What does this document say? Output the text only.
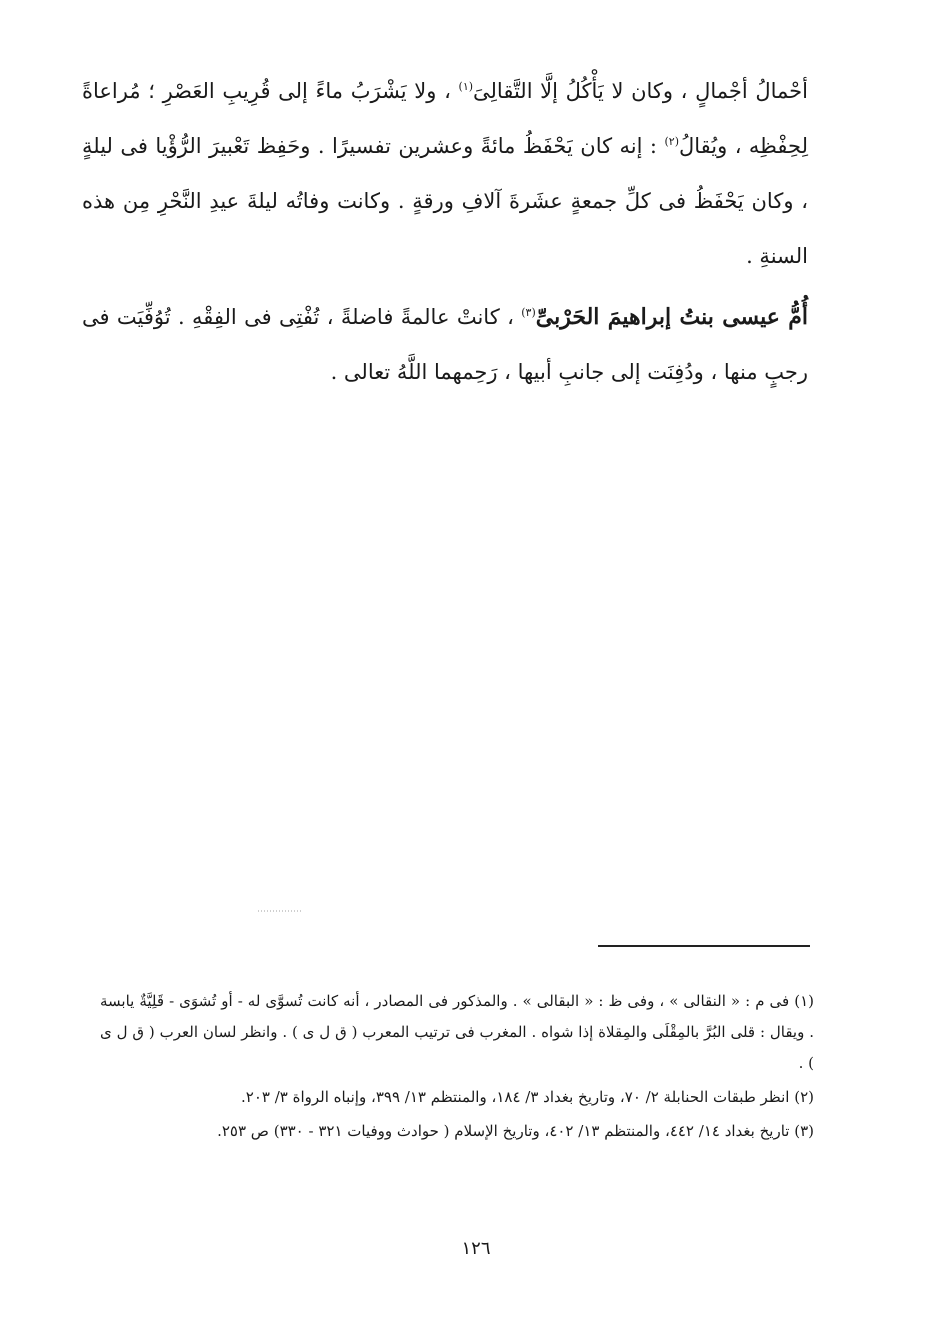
أحْمالُ أجْمالٍ ، وكان لا يَأْكُلُ إلَّا التَّقالِىَ$^{(١)}$ ، ولا يَشْرَبُ ماءً إلى قُرِيبِ العَصْرِ ؛ مُراعاةً لِحِفْظِه ، ويُقالُ$^{(٢)}$ : إنه كان يَحْفَظُ مائةً وعشرين تفسيرًا . وحَفِظ تَعْبيرَ الرُّؤْيا فى ليلةٍ ، وكان يَحْفَظُ فى كلِّ جمعةٍ عشَرةَ آلافِ ورقةٍ . وكانت وفاتُه ليلةَ عيدِ النَّحْرِ مِن هذه السنةِ .

أُمُّ عيسى بنتُ إبراهيمَ الحَرْبىِّ$^{(٣)}$ ، كانتْ عالمةً فاضلةً ، تُفْتِى فى الفِقْهِ . تُوُفِّيَت فى رجبٍ منها ، ودُفِنَت إلى جانبِ أبيها ، رَحِمهما اللَّهُ تعالى .

(١) فى م : « النقالى » ، وفى ظ : « البقالى » . والمذكور فى المصادر ، أنه كانت تُسوَّى له - أو تُشوَى - قَلِيَّةٌ يابسة . ويقال : قلى البُرَّ بالمِقْلَى والمِقلاة إذا شواه . المغرب فى ترتيب المعرب ( ق ل ى ) . وانظر لسان العرب ( ق ل ى ) .

(٢) انظر طبقات الحنابلة ٢/ ٧٠، وتاريخ بغداد ٣/ ١٨٤، والمنتظم ١٣/ ٣٩٩، وإنباه الرواة ٣/ ٢٠٣.

(٣) تاريخ بغداد ١٤/ ٤٤٢، والمنتظم ١٣/ ٤٠٢، وتاريخ الإسلام ( حوادث ووفيات ٣٢١ - ٣٣٠) ص ٢٥٣.

١٢٦
